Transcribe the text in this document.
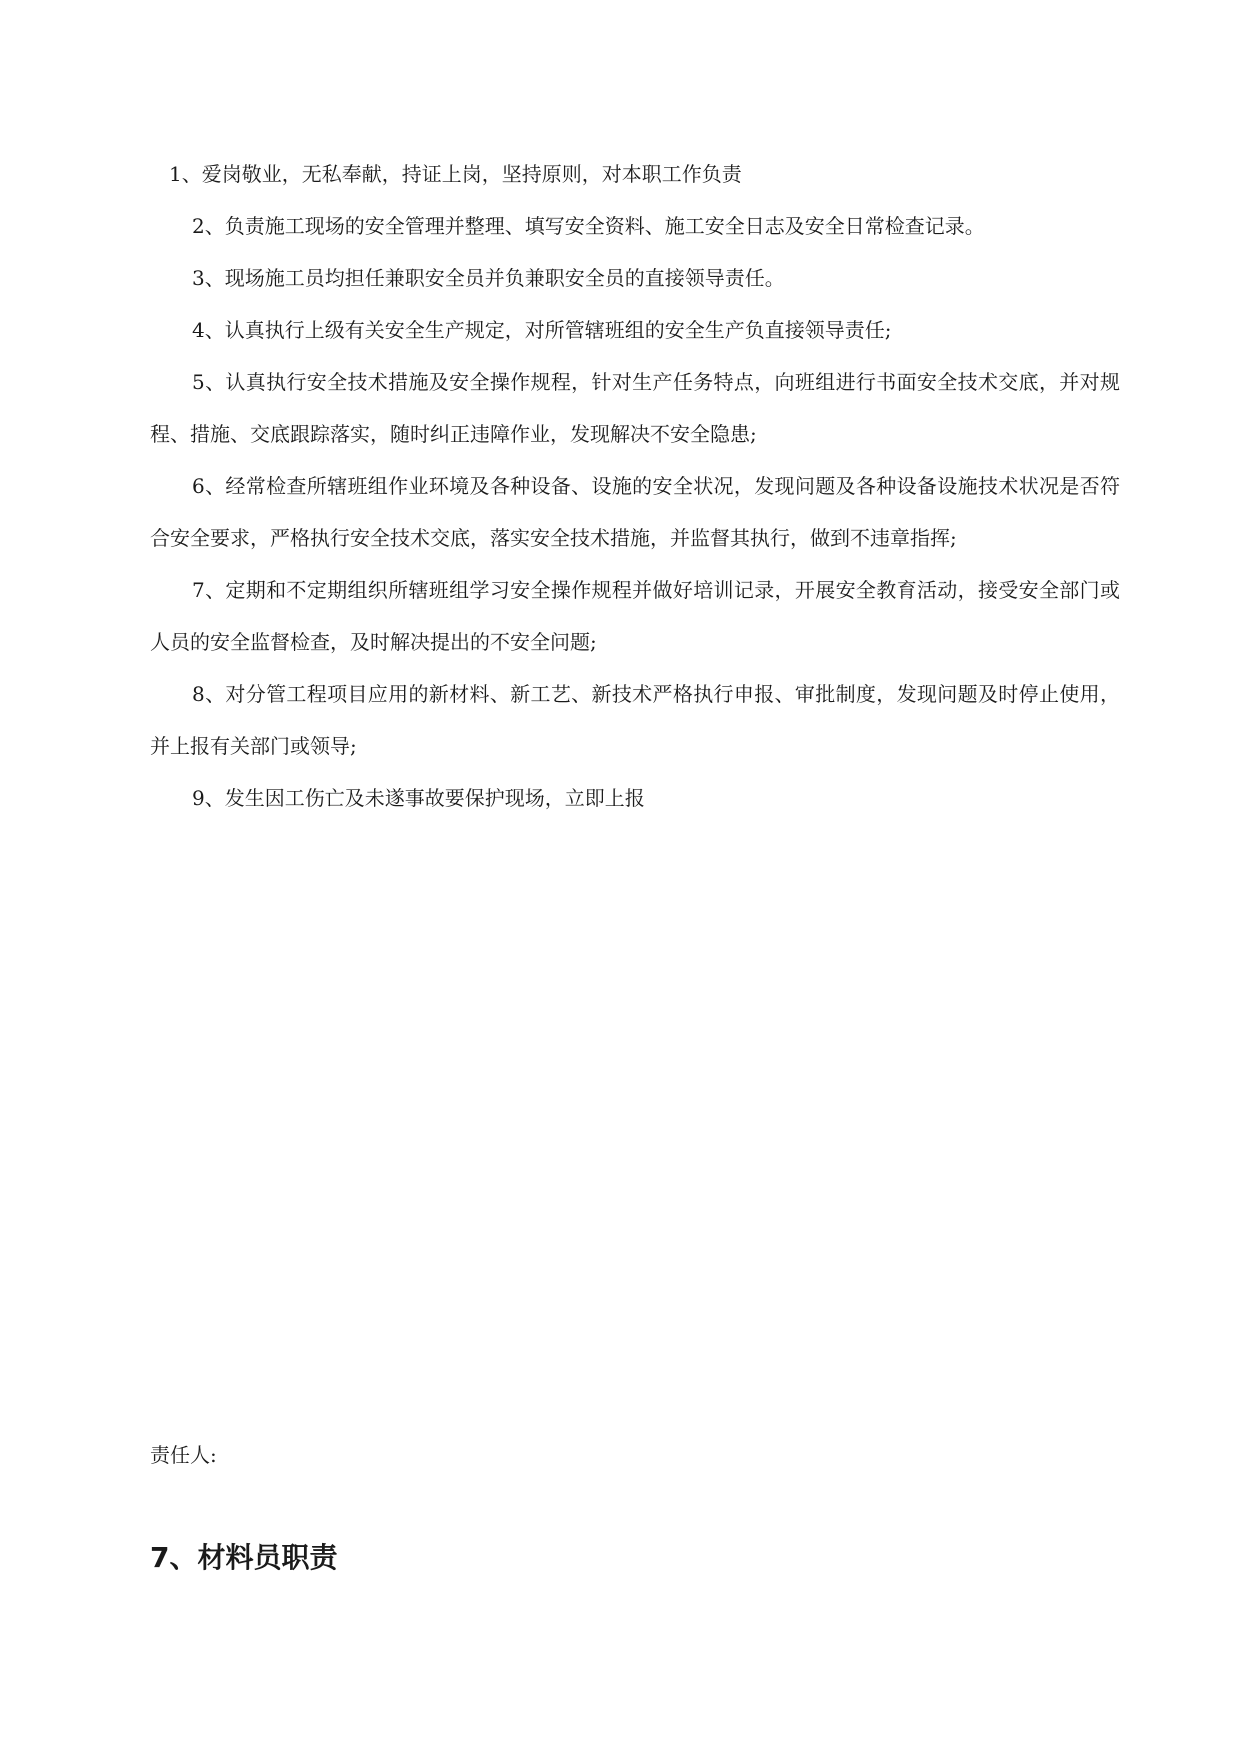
1、爱岗敬业，无私奉献，持证上岗，坚持原则，对本职工作负责

2、负责施工现场的安全管理并整理、填写安全资料、施工安全日志及安全日常检查记录。

3、现场施工员均担任兼职安全员并负兼职安全员的直接领导责任。

4、认真执行上级有关安全生产规定，对所管辖班组的安全生产负直接领导责任;

5、认真执行安全技术措施及安全操作规程，针对生产任务特点，向班组进行书面安全技术交底，并对规程、措施、交底跟踪落实，随时纠正违障作业，发现解决不安全隐患;

6、经常检查所辖班组作业环境及各种设备、设施的安全状况，发现问题及各种设备设施技术状况是否符合安全要求，严格执行安全技术交底，落实安全技术措施，并监督其执行，做到不违章指挥;

7、定期和不定期组织所辖班组学习安全操作规程并做好培训记录，开展安全教育活动，接受安全部门或人员的安全监督检查，及时解决提出的不安全问题;

8、对分管工程项目应用的新材料、新工艺、新技术严格执行申报、审批制度，发现问题及时停止使用，并上报有关部门或领导;

9、发生因工伤亡及未遂事故要保护现场，立即上报

责任人:

7、材料员职责
